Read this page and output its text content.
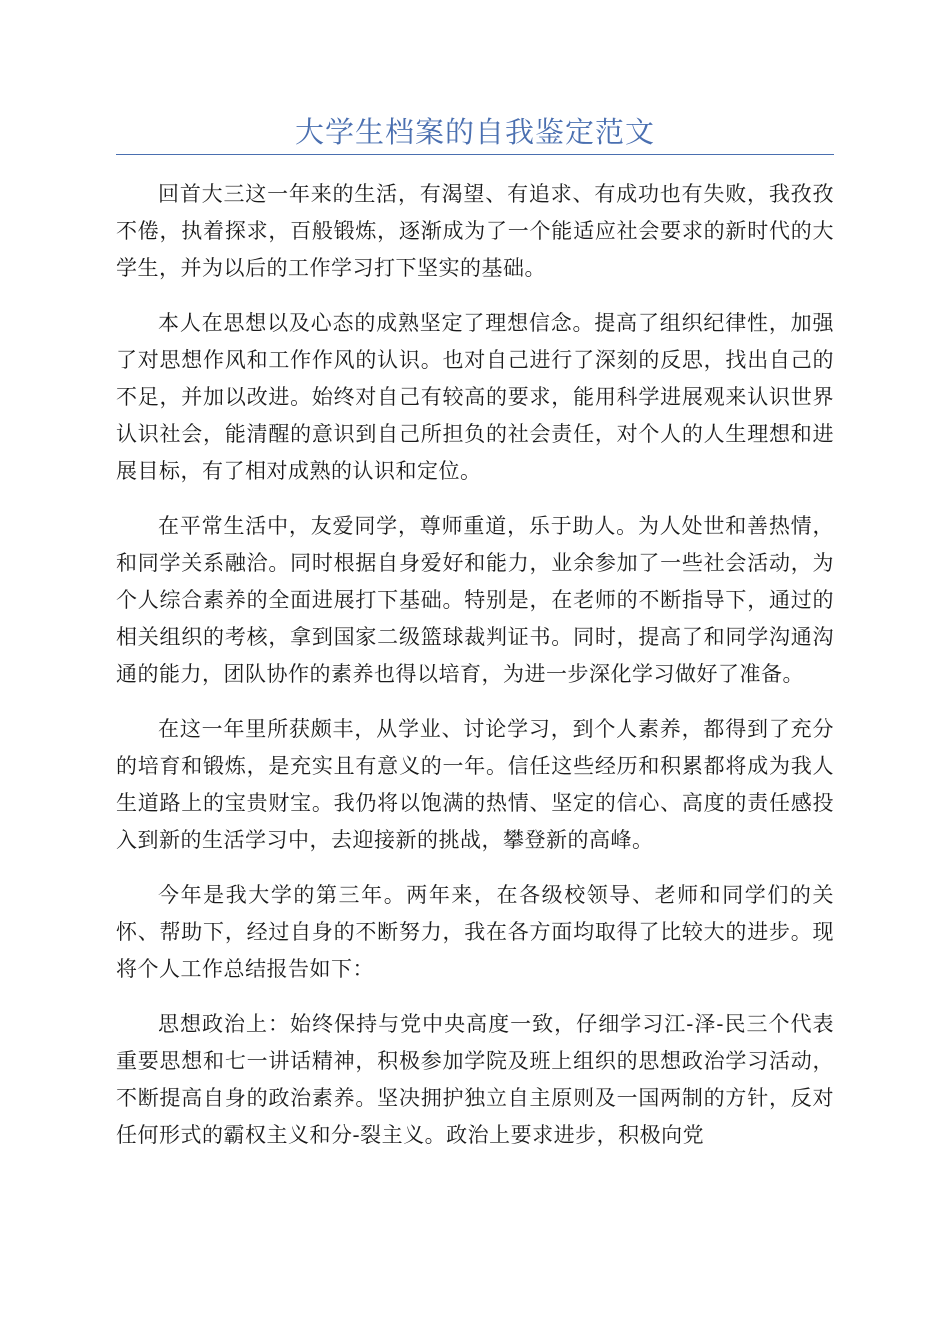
大学生档案的自我鉴定范文

回首大三这一年来的生活，有渴望、有追求、有成功也有失败，我孜孜不倦，执着探求，百般锻炼，逐渐成为了一个能适应社会要求的新时代的大学生，并为以后的工作学习打下坚实的基础。

本人在思想以及心态的成熟坚定了理想信念。提高了组织纪律性，加强了对思想作风和工作作风的认识。也对自己进行了深刻的反思，找出自己的不足，并加以改进。始终对自己有较高的要求，能用科学进展观来认识世界认识社会，能清醒的意识到自己所担负的社会责任，对个人的人生理想和进展目标，有了相对成熟的认识和定位。

在平常生活中，友爱同学，尊师重道，乐于助人。为人处世和善热情，和同学关系融洽。同时根据自身爱好和能力，业余参加了一些社会活动，为个人综合素养的全面进展打下基础。特别是，在老师的不断指导下，通过的相关组织的考核，拿到国家二级篮球裁判证书。同时，提高了和同学沟通沟通的能力，团队协作的素养也得以培育，为进一步深化学习做好了准备。

在这一年里所获颇丰，从学业、讨论学习，到个人素养，都得到了充分的培育和锻炼，是充实且有意义的一年。信任这些经历和积累都将成为我人生道路上的宝贵财宝。我仍将以饱满的热情、坚定的信心、高度的责任感投入到新的生活学习中，去迎接新的挑战，攀登新的高峰。

今年是我大学的第三年。两年来，在各级校领导、老师和同学们的关怀、帮助下，经过自身的不断努力，我在各方面均取得了比较大的进步。现将个人工作总结报告如下：

思想政治上：始终保持与党中央高度一致，仔细学习江-泽-民三个代表重要思想和七一讲话精神，积极参加学院及班上组织的思想政治学习活动，不断提高自身的政治素养。坚决拥护独立自主原则及一国两制的方针，反对任何形式的霸权主义和分-裂主义。政治上要求进步，积极向党
